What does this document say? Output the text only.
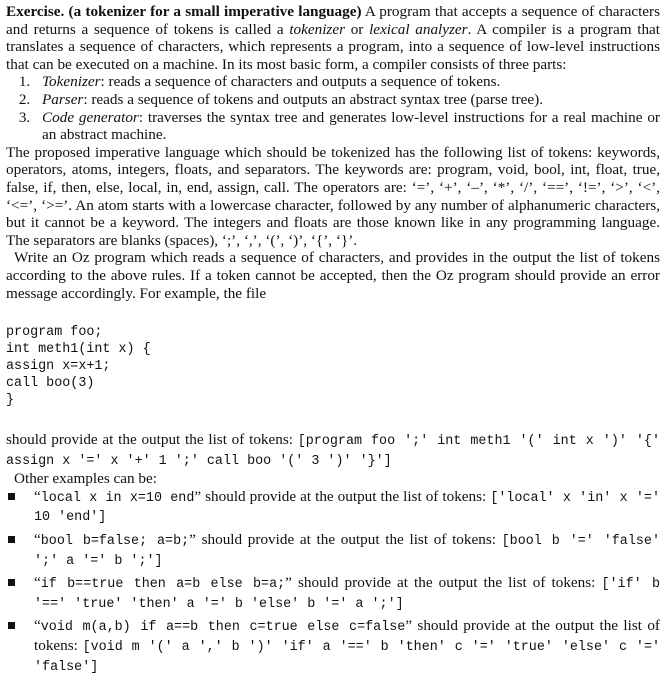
Exercise. (a tokenizer for a small imperative language) A program that accepts a sequence of characters and returns a sequence of tokens is called a tokenizer or lexical analyzer. A compiler is a program that translates a sequence of characters, which represents a program, into a sequence of low-level instructions that can be executed on a machine. In its most basic form, a compiler consists of three parts:

1. Tokenizer: reads a sequence of characters and outputs a sequence of tokens.
2. Parser: reads a sequence of tokens and outputs an abstract syntax tree (parse tree).
3. Code generator: traverses the syntax tree and generates low-level instructions for a real machine or an abstract machine.

The proposed imperative language which should be tokenized has the following list of tokens: keywords, operators, atoms, integers, floats, and separators. The keywords are: program, void, bool, int, float, true, false, if, then, else, local, in, end, assign, call. The operators are: ‘=’, ‘+’, ‘–’, ‘*’, ‘/’, ‘==’, ‘!=’, ‘>’, ‘<’, ‘<=’, ‘>=’. An atom starts with a lowercase character, followed by any number of alphanumeric characters, but it cannot be a keyword. The integers and floats are those known like in any programming language. The separators are blanks (spaces), ‘;’, ‘,’, ‘(’, ‘)’, ‘{’, ‘}’.

Write an Oz program which reads a sequence of characters, and provides in the output the list of tokens according to the above rules. If a token cannot be accepted, then the Oz program should provide an error message accordingly. For example, the file

program foo;
int meth1(int x) {
assign x=x+1;
call boo(3)
}

should provide at the output the list of tokens: [program foo ';' int meth1 '(' int x ')' '{' assign x '=' x '+' 1 ';' call boo '(' 3 ')' '}']

Other examples can be:

“local x in x=10 end” should provide at the output the list of tokens: ['local' x 'in' x '=' 10 'end']
“bool b=false; a=b;” should provide at the output the list of tokens: [bool b '=' 'false' ';' a '=' b ';']
“if b==true then a=b else b=a;” should provide at the output the list of tokens: ['if' b '==' 'true' 'then' a '=' b 'else' b '=' a ';']
“void m(a,b) if a==b then c=true else c=false” should provide at the output the list of tokens: [void m '(' a ',' b ')' 'if' a '==' b 'then' c '=' 'true' 'else' c '=' 'false']
